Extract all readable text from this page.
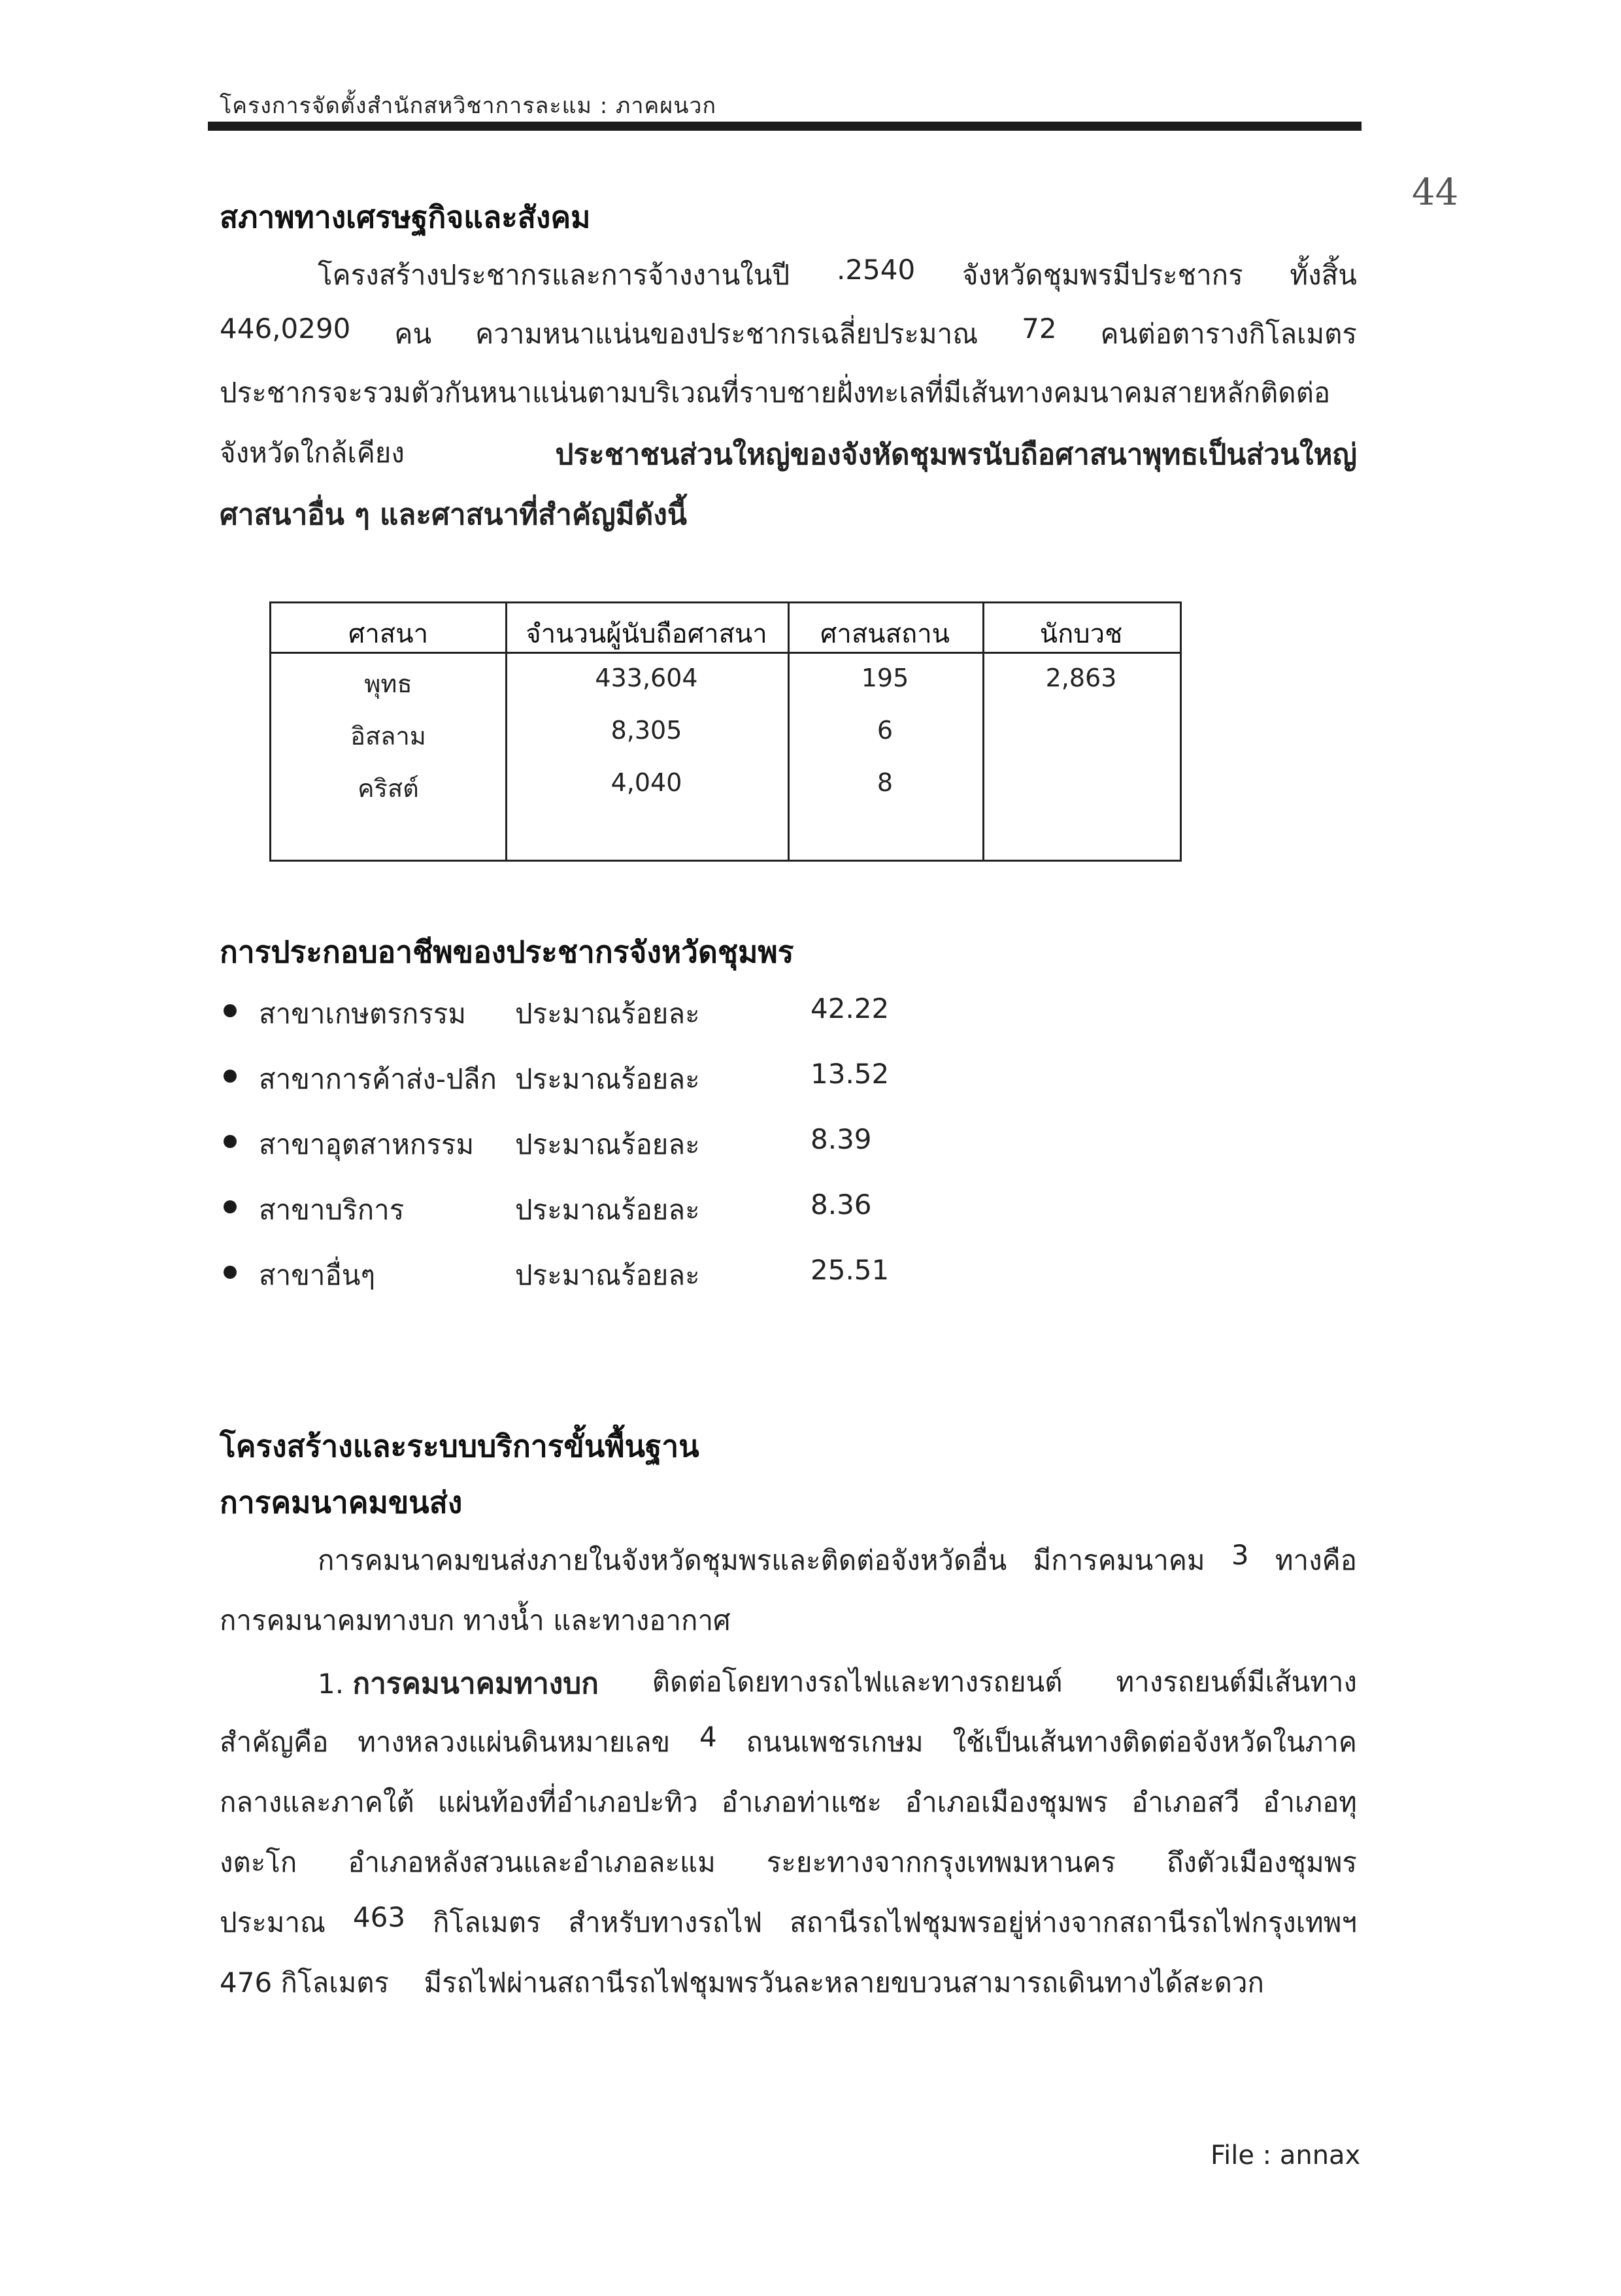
โครงการจัดตั้งสำนักสหวิชาการละแม : ภาคผนวก
44
สภาพทางเศรษฐกิจและสังคม
โครงสร้างประชากรและการจ้างงานในปี .2540 จังหวัดชุมพรมีประชากร ทั้งสิ้น
446,0290 คน ความหนาแน่นของประชากรเฉลี่ยประมาณ 72 คนต่อตารางกิโลเมตร
ประชากรจะรวมตัวกันหนาแน่นตามบริเวณที่ราบชายฝั่งทะเลที่มีเส้นทางคมนาคมสายหลักติดต่อ
จังหวัดใกล้เคียง	ประชาชนส่วนใหญ่ของจังหัดชุมพรนับถือศาสนาพุทธเป็นส่วนใหญ่
ศาสนาอื่น ๆ และศาสนาที่สำคัญมีดังนี้
ศาสนา	จำนวนผู้นับถือศาสนา	ศาสนสถาน	นักบวช
พุทธ	433,604	195	2,863
อิสลาม	8,305	6
คริสต์	4,040	8
การประกอบอาชีพของประชากรจังหวัดชุมพร
สาขาเกษตรกรรม ประมาณร้อยละ	42.22
สาขาการค้าส่ง-ปลีก ประมาณร้อยละ	13.52
สาขาอุตสาหกรรม ประมาณร้อยละ	8.39
สาขาบริการ	ประมาณร้อยละ	8.36
สาขาอื่นๆ	ประมาณร้อยละ	25.51
โครงสร้างและระบบบริการขั้นพื้นฐาน
การคมนาคมขนส่ง
การคมนาคมขนส่งภายในจังหวัดชุมพรและติดต่อจังหวัดอื่น มีการคมนาคม 3 ทางคือ
การคมนาคมทางบก ทางน้ำ และทางอากาศ
1. การคมนาคมทางบก ติดต่อโดยทางรถไฟและทางรถยนต์ ทางรถยนต์มีเส้นทาง
สำคัญคือ ทางหลวงแผ่นดินหมายเลข 4 ถนนเพชรเกษม ใช้เป็นเส้นทางติดต่อจังหวัดในภาค
กลางและภาคใต้ แผ่นท้องที่อำเภอปะทิว อำเภอท่าแซะ อำเภอเมืองชุมพร อำเภอสวี อำเภอทุ
งตะโก อำเภอหลังสวนและอำเภอละแม ระยะทางจากกรุงเทพมหานคร ถึงตัวเมืองชุมพร
ประมาณ 463 กิโลเมตร สำหรับทางรถไฟ สถานีรถไฟชุมพรอยู่ห่างจากสถานีรถไฟกรุงเทพฯ
476 กิโลเมตร    มีรถไฟผ่านสถานีรถไฟชุมพรวันละหลายขบวนสามารถเดินทางได้สะดวก
File : annax
